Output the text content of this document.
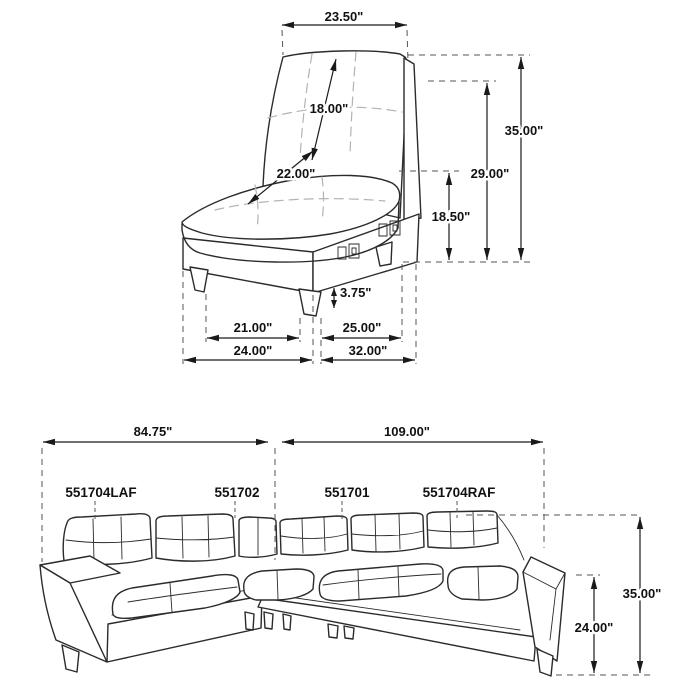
23.50"
18.00"
22.00"
35.00"
29.00"
18.50"
3.75"
21.00"	25.00"
24.00"	32.00"
551704LAF	551702	551701	551704RAF
84.75"	109.00"
35.00"
24.00"
